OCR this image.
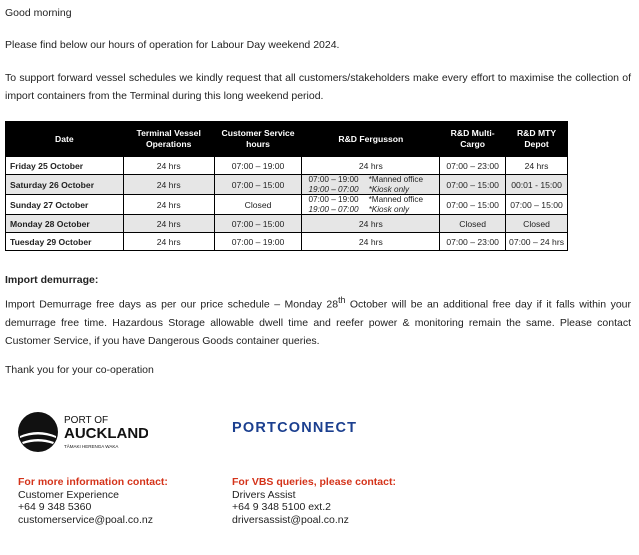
Good morning

Please find below our hours of operation for Labour Day weekend 2024.

To support forward vessel schedules we kindly request that all customers/stakeholders make every effort to maximise the collection of import containers from the Terminal during this long weekend period.

Date	Terminal Vessel Operations	Customer Service hours	R&D Fergusson	R&D Multi-Cargo	R&D MTY Depot
Friday 25 October	24 hrs	07:00 – 19:00	24 hrs	07:00 – 23:00	24 hrs
Saturday 26 October	24 hrs	07:00 – 15:00	07:00 – 19:00 *Manned office
19:00 – 07:00 *Kiosk only	07:00 – 15:00	00:01 - 15:00
Sunday 27 October	24 hrs	Closed	07:00 – 19:00 *Manned office
19:00 – 07:00 *Kiosk only	07:00 – 15:00	07:00 – 15:00
Monday 28 October	24 hrs	07:00 – 15:00	24 hrs	Closed	Closed
Tuesday 29 October	24 hrs	07:00 – 19:00	24 hrs	07:00 – 23:00	07:00 – 24 hrs

Import demurrage:

Import Demurrage free days as per our price schedule – Monday 28th October will be an additional free day if it falls within your demurrage free time. Hazardous Storage allowable dwell time and reefer power & monitoring remain the same. Please contact Customer Service, if you have Dangerous Goods container queries.

Thank you for your co-operation

PORT OF
AUCKLAND
TĀMAKI HERENGA WAKA
PORTCONNECT
For more information contact:
Customer Experience
+64 9 348 5360
customerservice@poal.co.nz
For VBS queries, please contact:
Drivers Assist
+64 9 348 5100 ext.2
driversassist@poal.co.nz
